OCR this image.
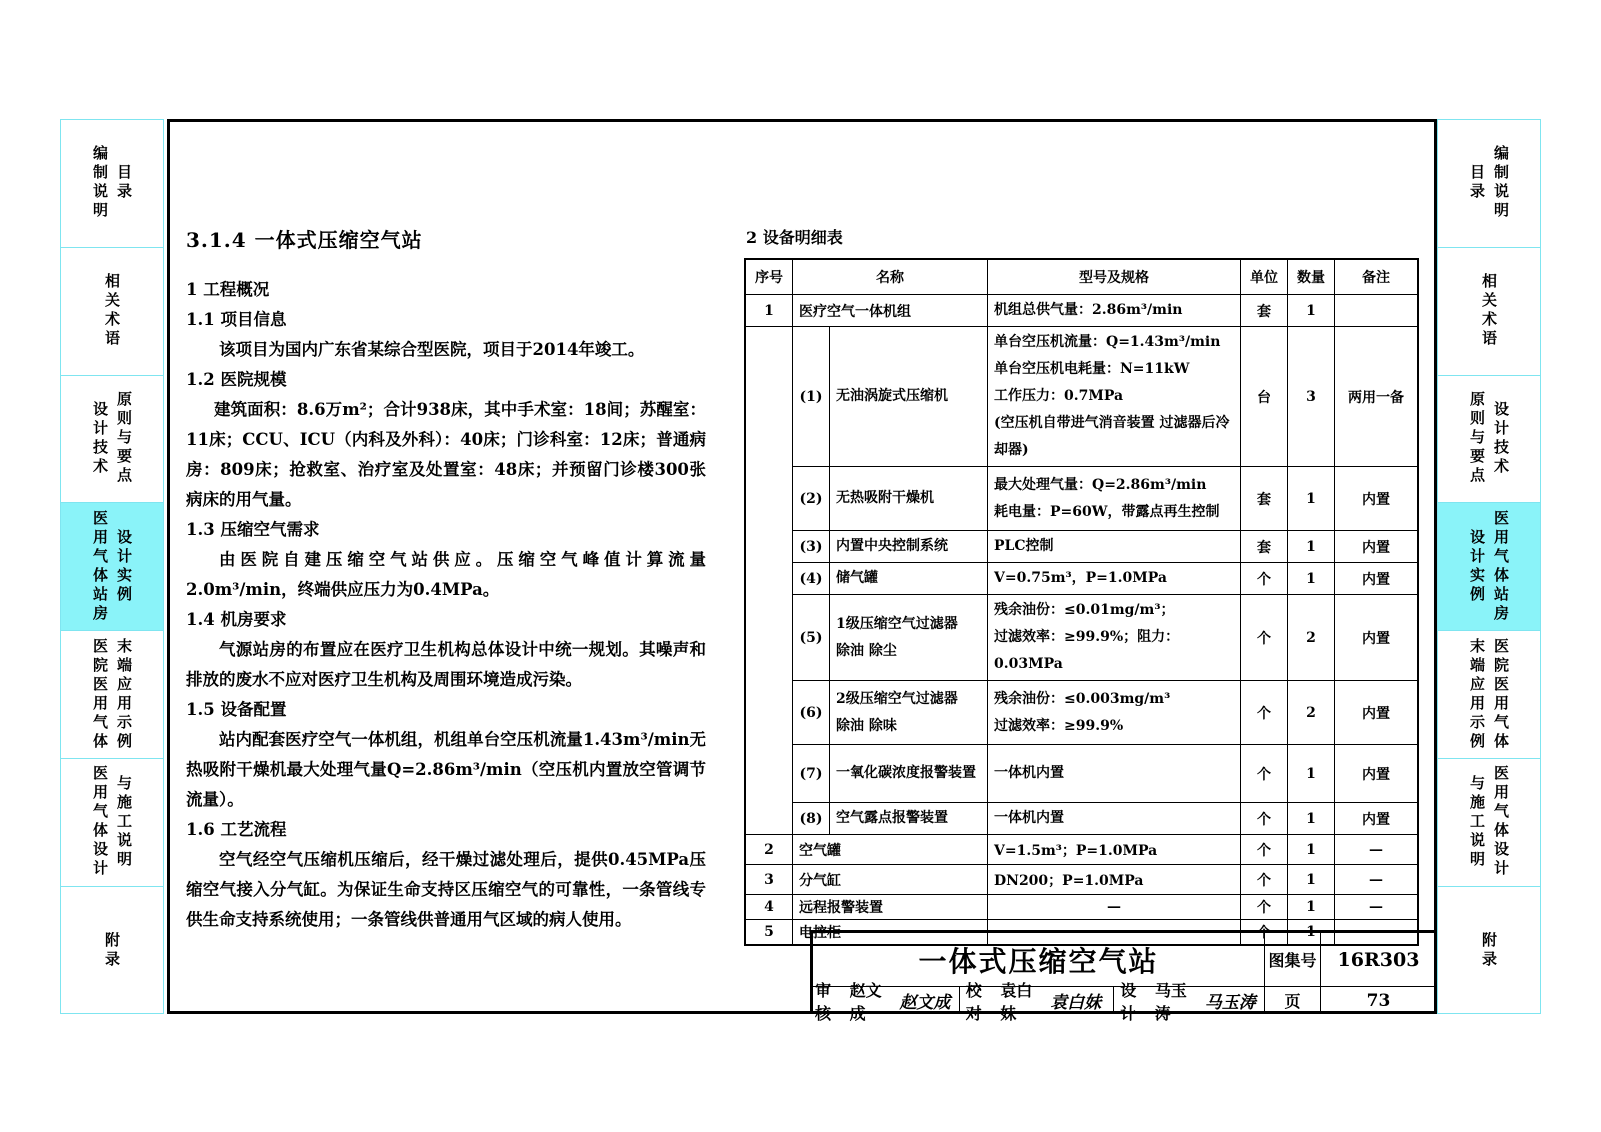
编制说明 目录
相关术语
设计技术 原则与要点
医用气体站房 设计实例
医院医用气体 末端应用示例
医用气体设计 与施工说明
附录
目录 编制说明
相关术语
原则与要点 设计技术
设计实例 医用气体站房
末端应用示例 医院医用气体
与施工说明 医用气体设计
附录
3.1.4 一体式压缩空气站

1 工程概况

1.1 项目信息

该项目为国内广东省某综合型医院，项目于2014年竣工。

1.2 医院规模

建筑面积：8.6万m²；合计938床，其中手术室：18间；苏醒室：11床；CCU、ICU（内科及外科）：40床；门诊科室：12床；普通病房：809床；抢救室、治疗室及处置室：48床；并预留门诊楼300张病床的用气量。

1.3 压缩空气需求

由医院自建压缩空气站供应。压缩空气峰值计算流量2.0m³/min，终端供应压力为0.4MPa。

1.4 机房要求

气源站房的布置应在医疗卫生机构总体设计中统一规划。其噪声和排放的废水不应对医疗卫生机构及周围环境造成污染。

1.5 设备配置

站内配套医疗空气一体机组，机组单台空压机流量1.43m³/min无热吸附干燥机最大处理气量Q=2.86m³/min（空压机内置放空管调节流量）。

1.6 工艺流程

空气经空气压缩机压缩后，经干燥过滤处理后，提供0.45MPa压缩空气接入分气缸。为保证生命支持区压缩空气的可靠性，一条管线专供生命支持系统使用；一条管线供普通用气区域的病人使用。

2 设备明细表
序号	名称		型号及规格	单位	数量	备注
1	医疗空气一体机组		机组总供气量：2.86m³/min	套	1	
	(1)	无油涡旋式压缩机	单台空压机流量：Q=1.43m³/min
单台空压机电耗量：N=11kW
工作压力：0.7MPa
(空压机自带进气消音装置 过滤器后冷却器)	台	3	两用一备
	(2)	无热吸附干燥机	最大处理气量：Q=2.86m³/min
耗电量：P=60W，带露点再生控制	套	1	内置
	(3)	内置中央控制系统	PLC控制	套	1	内置
	(4)	储气罐	V=0.75m³，P=1.0MPa	个	1	内置
	(5)	1级压缩空气过滤器
除油 除尘	残余油份：≤0.01mg/m³；
过滤效率：≥99.9%；阻力：0.03MPa	个	2	内置
	(6)	2级压缩空气过滤器
除油 除味	残余油份：≤0.003mg/m³
过滤效率：≥99.9%	个	2	内置
	(7)	一氧化碳浓度报警装置	一体机内置	个	1	内置
	(8)	空气露点报警装置	一体机内置	个	1	内置
2	空气罐		V=1.5m³；P=1.0MPa	个	1	—
3	分气缸		DN200；P=1.0MPa	个	1	—
4	远程报警装置		—	个	1	—
5	电控柜		—	个	1	—
一体式压缩空气站	图集号	16R303
页	73
审核
赵文成	赵文成
校对
袁白妹	袁白妹
设计
马玉涛	马玉涛
